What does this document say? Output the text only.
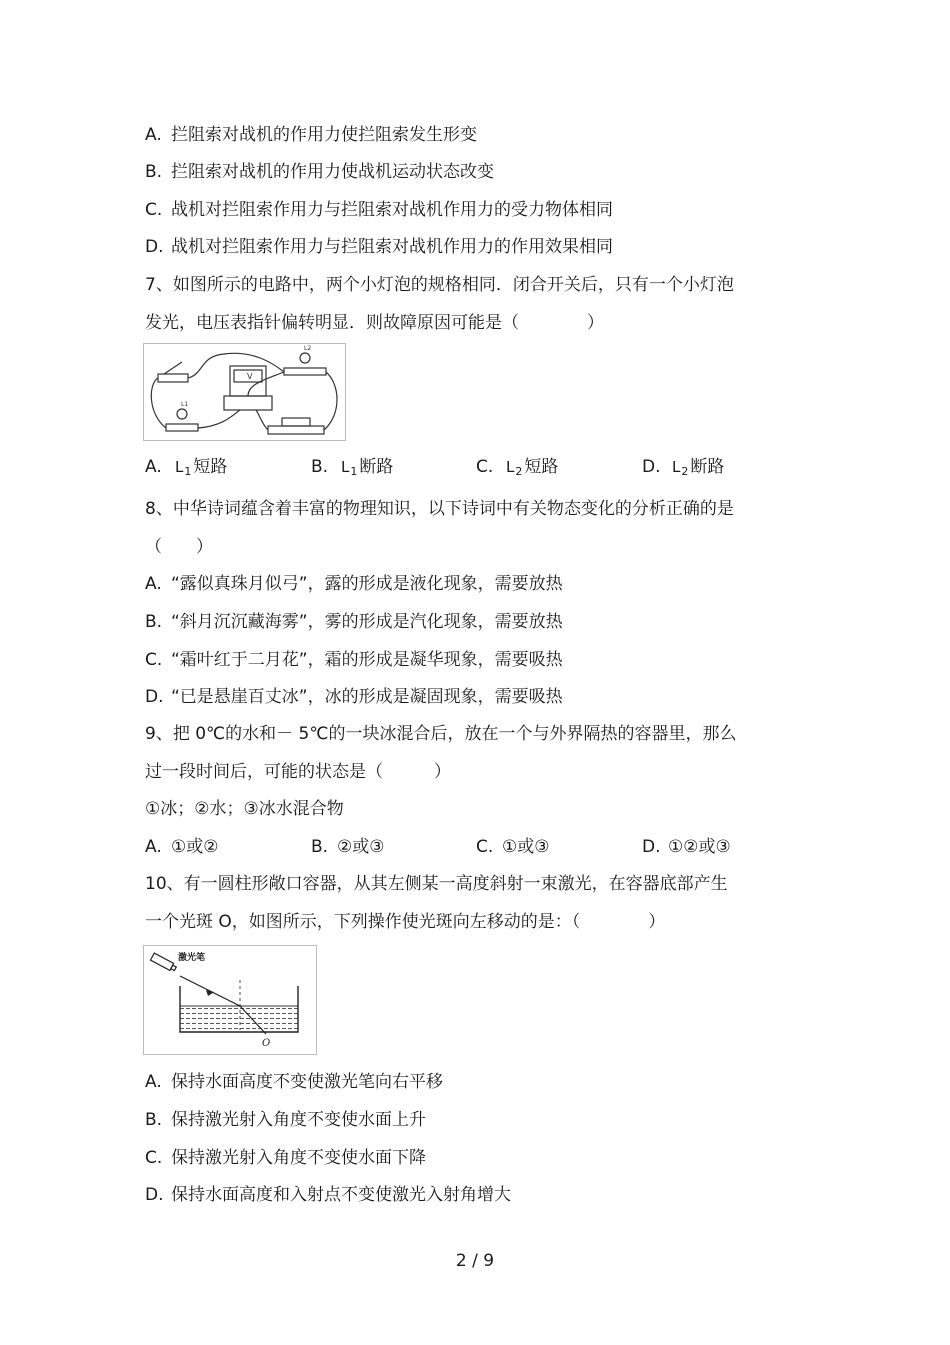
A. 拦阻索对战机的作用力使拦阻索发生形变
B. 拦阻索对战机的作用力使战机运动状态改变
C. 战机对拦阻索作用力与拦阻索对战机作用力的受力物体相同
D. 战机对拦阻索作用力与拦阻索对战机作用力的作用效果相同
7、如图所示的电路中，两个小灯泡的规格相同．闭合开关后，只有一个小灯泡
发光，电压表指针偏转明显．则故障原因可能是（　　　　）
V
L2
L1
A. $L_1$ 短路	B. $L_1$ 断路	C. $L_2$ 短路	D. $L_2$ 断路
8、中华诗词蕴含着丰富的物理知识，以下诗词中有关物态变化的分析正确的是
（　　）
A. “露似真珠月似弓”，露的形成是液化现象，需要放热
B. “斜月沉沉藏海雾”，雾的形成是汽化现象，需要放热
C. “霜叶红于二月花”，霜的形成是凝华现象，需要吸热
D. “已是悬崖百丈冰”，冰的形成是凝固现象，需要吸热
9、把 0℃的水和－ 5℃的一块冰混合后，放在一个与外界隔热的容器里，那么
过一段时间后，可能的状态是（　　　）
①冰；②水；③冰水混合物
A. ①或②	B. ②或③	C. ①或③	D. ①②或③
10、有一圆柱形敞口容器，从其左侧某一高度斜射一束激光，在容器底部产生
一个光斑 O，如图所示，下列操作使光斑向左移动的是：（　　　　）
激光笔
O
A. 保持水面高度不变使激光笔向右平移
B. 保持激光射入角度不变使水面上升
C. 保持激光射入角度不变使水面下降
D. 保持水面高度和入射点不变使激光入射角增大
2 / 9
